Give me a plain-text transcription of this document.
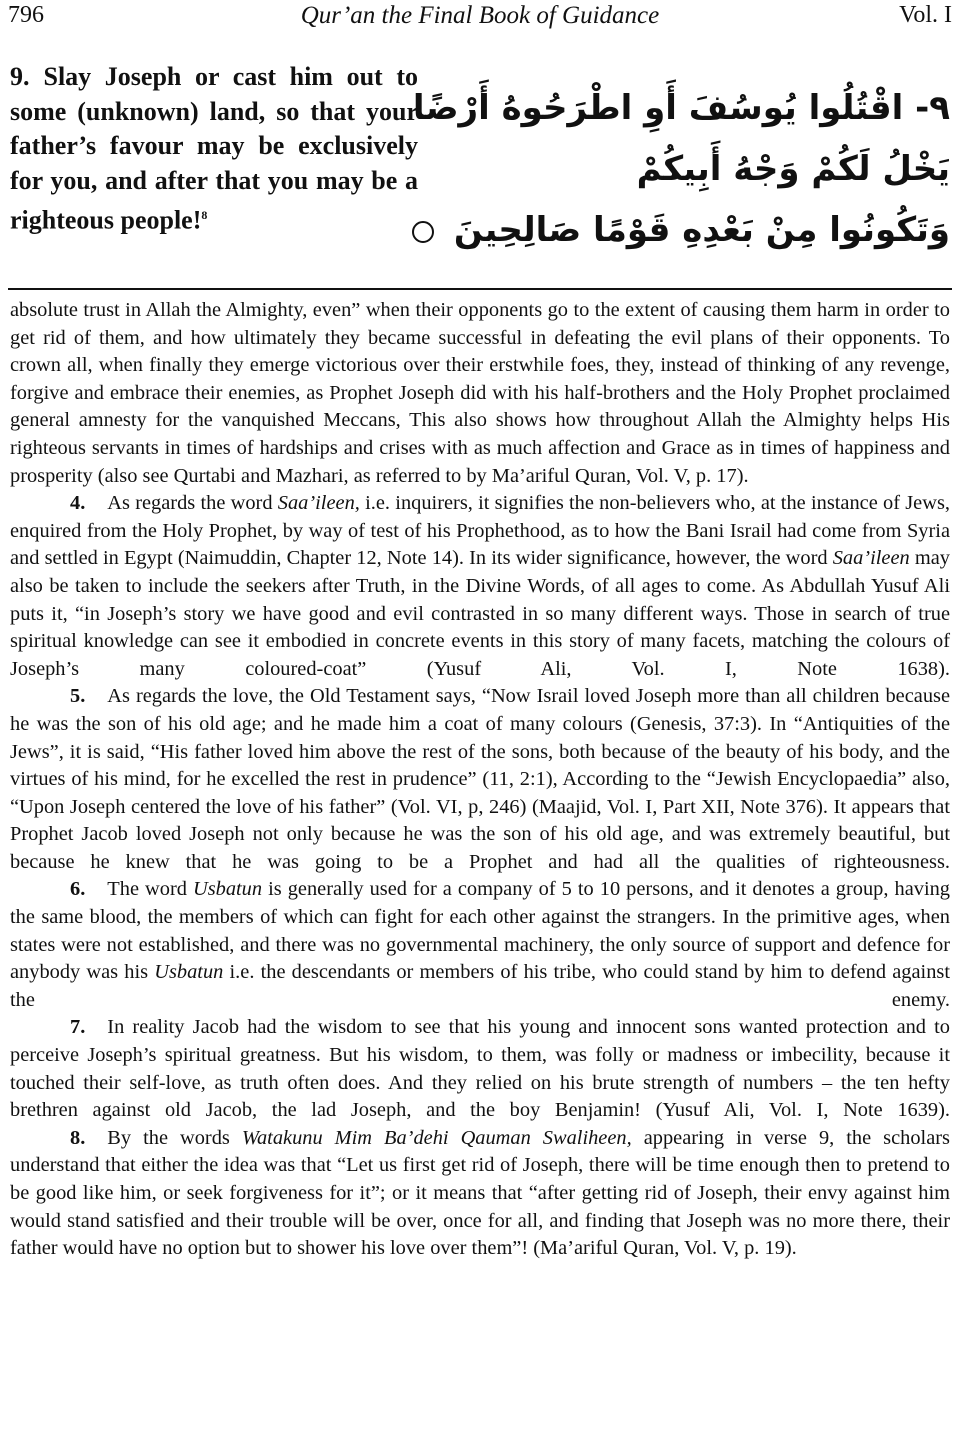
796	Qur’an the Final Book of Guidance	Vol. I
9. Slay Joseph or cast him out to some (unknown) land, so that your father’s favour may be exclusively for you, and after that you may be a righteous people!$^8$
٩- اقْتُلُوا يُوسُفَ أَوِ اطْرَحُوهُ أَرْضًا
يَخْلُ لَكُمْ وَجْهُ أَبِيكُمْ
وَتَكُونُوا مِنْ بَعْدِهِ قَوْمًا صَالِحِينَ

absolute trust in Allah the Almighty, even” when their opponents go to the extent of causing them harm in order to get rid of them, and how ultimately they became successful in defeating the evil plans of their opponents. To crown all, when finally they emerge victorious over their erstwhile foes, they, instead of thinking of any revenge, forgive and embrace their enemies, as Prophet Joseph did with his half-brothers and the Holy Prophet proclaimed general amnesty for the vanquished Meccans, This also shows how throughout Allah the Almighty helps His righteous servants in times of hardships and crises with as much affection and Grace as in times of happiness and prosperity (also see Qurtabi and Mazhari, as referred to by Ma’ariful Quran, Vol. V, p. 17).

4. As regards the word Saa’ileen, i.e. inquirers, it signifies the non-believers who, at the instance of Jews, enquired from the Holy Prophet, by way of test of his Prophethood, as to how the Bani Israil had come from Syria and settled in Egypt (Naimuddin, Chapter 12, Note 14). In its wider significance, however, the word Saa’ileen may also be taken to include the seekers after Truth, in the Divine Words, of all ages to come. As Abdullah Yusuf Ali puts it, “in Joseph’s story we have good and evil contrasted in so many different ways. Those in search of true spiritual knowledge can see it embodied in concrete events in this story of many facets, matching the colours of Joseph’s many coloured-coat” (Yusuf Ali, Vol. I, Note 1638).

5. As regards the love, the Old Testament says, “Now Israil loved Joseph more than all children because he was the son of his old age; and he made him a coat of many colours (Genesis, 37:3). In “Antiquities of the Jews”, it is said, “His father loved him above the rest of the sons, both because of the beauty of his body, and the virtues of his mind, for he excelled the rest in prudence” (11, 2:1), According to the “Jewish Encyclopaedia” also, “Upon Joseph centered the love of his father” (Vol. VI, p, 246) (Maajid, Vol. I, Part XII, Note 376). It appears that Prophet Jacob loved Joseph not only because he was the son of his old age, and was extremely beautiful, but because he knew that he was going to be a Prophet and had all the qualities of righteousness.

6. The word Usbatun is generally used for a company of 5 to 10 persons, and it denotes a group, having the same blood, the members of which can fight for each other against the strangers. In the primitive ages, when states were not established, and there was no governmental machinery, the only source of support and defence for anybody was his Usbatun i.e. the descendants or members of his tribe, who could stand by him to defend against the enemy.

7. In reality Jacob had the wisdom to see that his young and innocent sons wanted protection and to perceive Joseph’s spiritual greatness. But his wisdom, to them, was folly or madness or imbecility, because it touched their self-love, as truth often does. And they relied on his brute strength of numbers – the ten hefty brethren against old Jacob, the lad Joseph, and the boy Benjamin! (Yusuf Ali, Vol. I, Note 1639).

8. By the words Watakunu Mim Ba’dehi Qauman Swaliheen, appearing in verse 9, the scholars understand that either the idea was that “Let us first get rid of Joseph, there will be time enough then to pretend to be good like him, or seek forgiveness for it”; or it means that “after getting rid of Joseph, their envy against him would stand satisfied and their trouble will be over, once for all, and finding that Joseph was no more there, their father would have no option but to shower his love over them”! (Ma’ariful Quran, Vol. V, p. 19).
